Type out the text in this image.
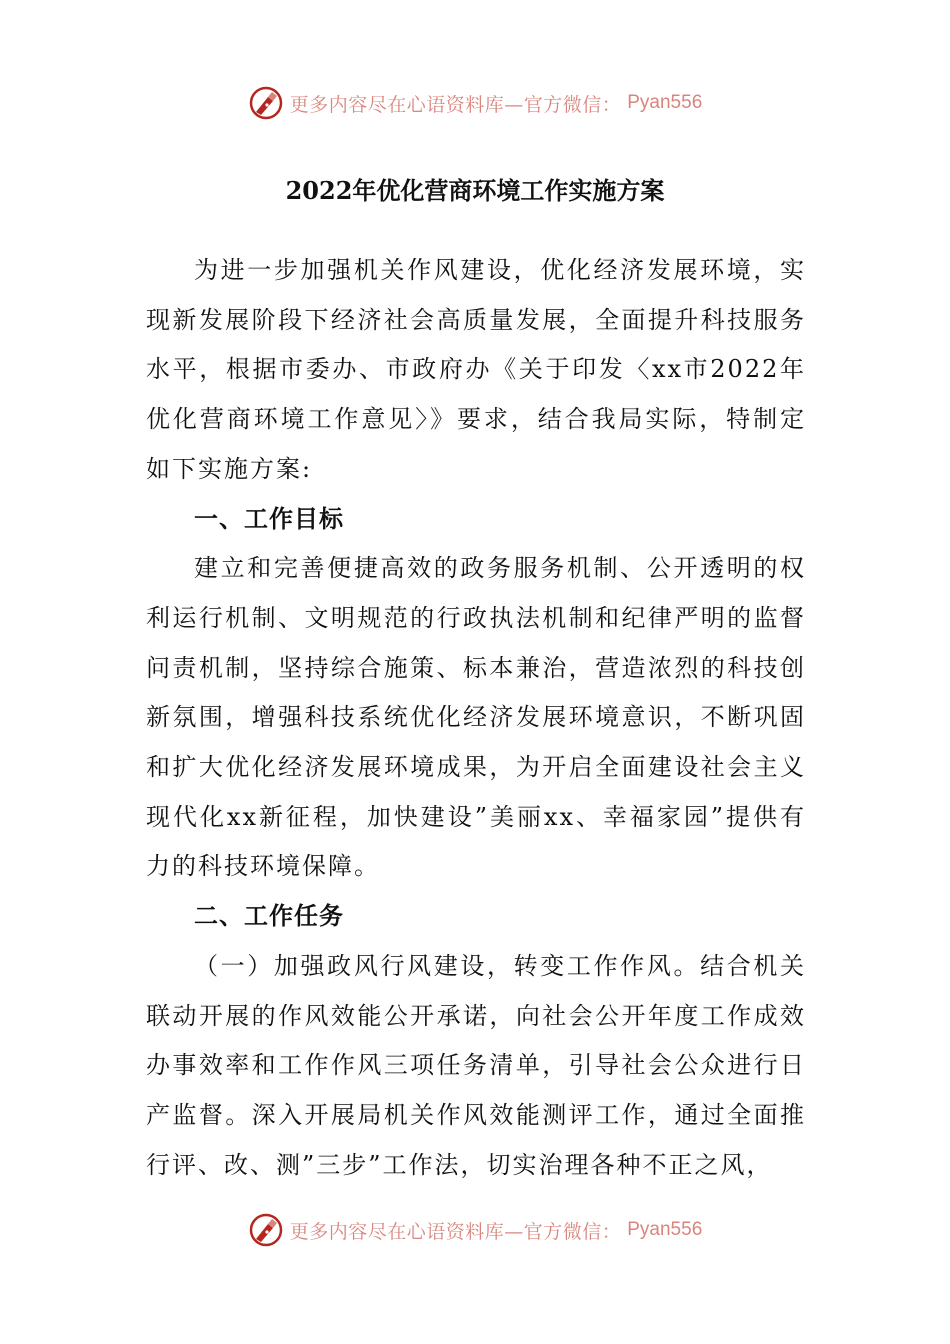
更多内容尽在心语资料库—官方微信： Pyan556
2022年优化营商环境工作实施方案

为进一步加强机关作风建设，优化经济发展环境，实现新发展阶段下经济社会高质量发展，全面提升科技服务水平，根据市委办、市政府办《关于印发〈xx市2022年优化营商环境工作意见〉》要求，结合我局实际，特制定如下实施方案:

一、工作目标

建立和完善便捷高效的政务服务机制、公开透明的权利运行机制、文明规范的行政执法机制和纪律严明的监督问责机制，坚持综合施策、标本兼治，营造浓烈的科技创新氛围，增强科技系统优化经济发展环境意识，不断巩固和扩大优化经济发展环境成果，为开启全面建设社会主义现代化xx新征程，加快建设”美丽xx、幸福家园”提供有力的科技环境保障。

二、工作任务

（一）加强政风行风建设，转变工作作风。结合机关联动开展的作风效能公开承诺，向社会公开年度工作成效办事效率和工作作风三项任务清单，引导社会公众进行日产监督。深入开展局机关作风效能测评工作，通过全面推行评、改、测”三步”工作法，切实治理各种不正之风，

更多内容尽在心语资料库—官方微信： Pyan556
